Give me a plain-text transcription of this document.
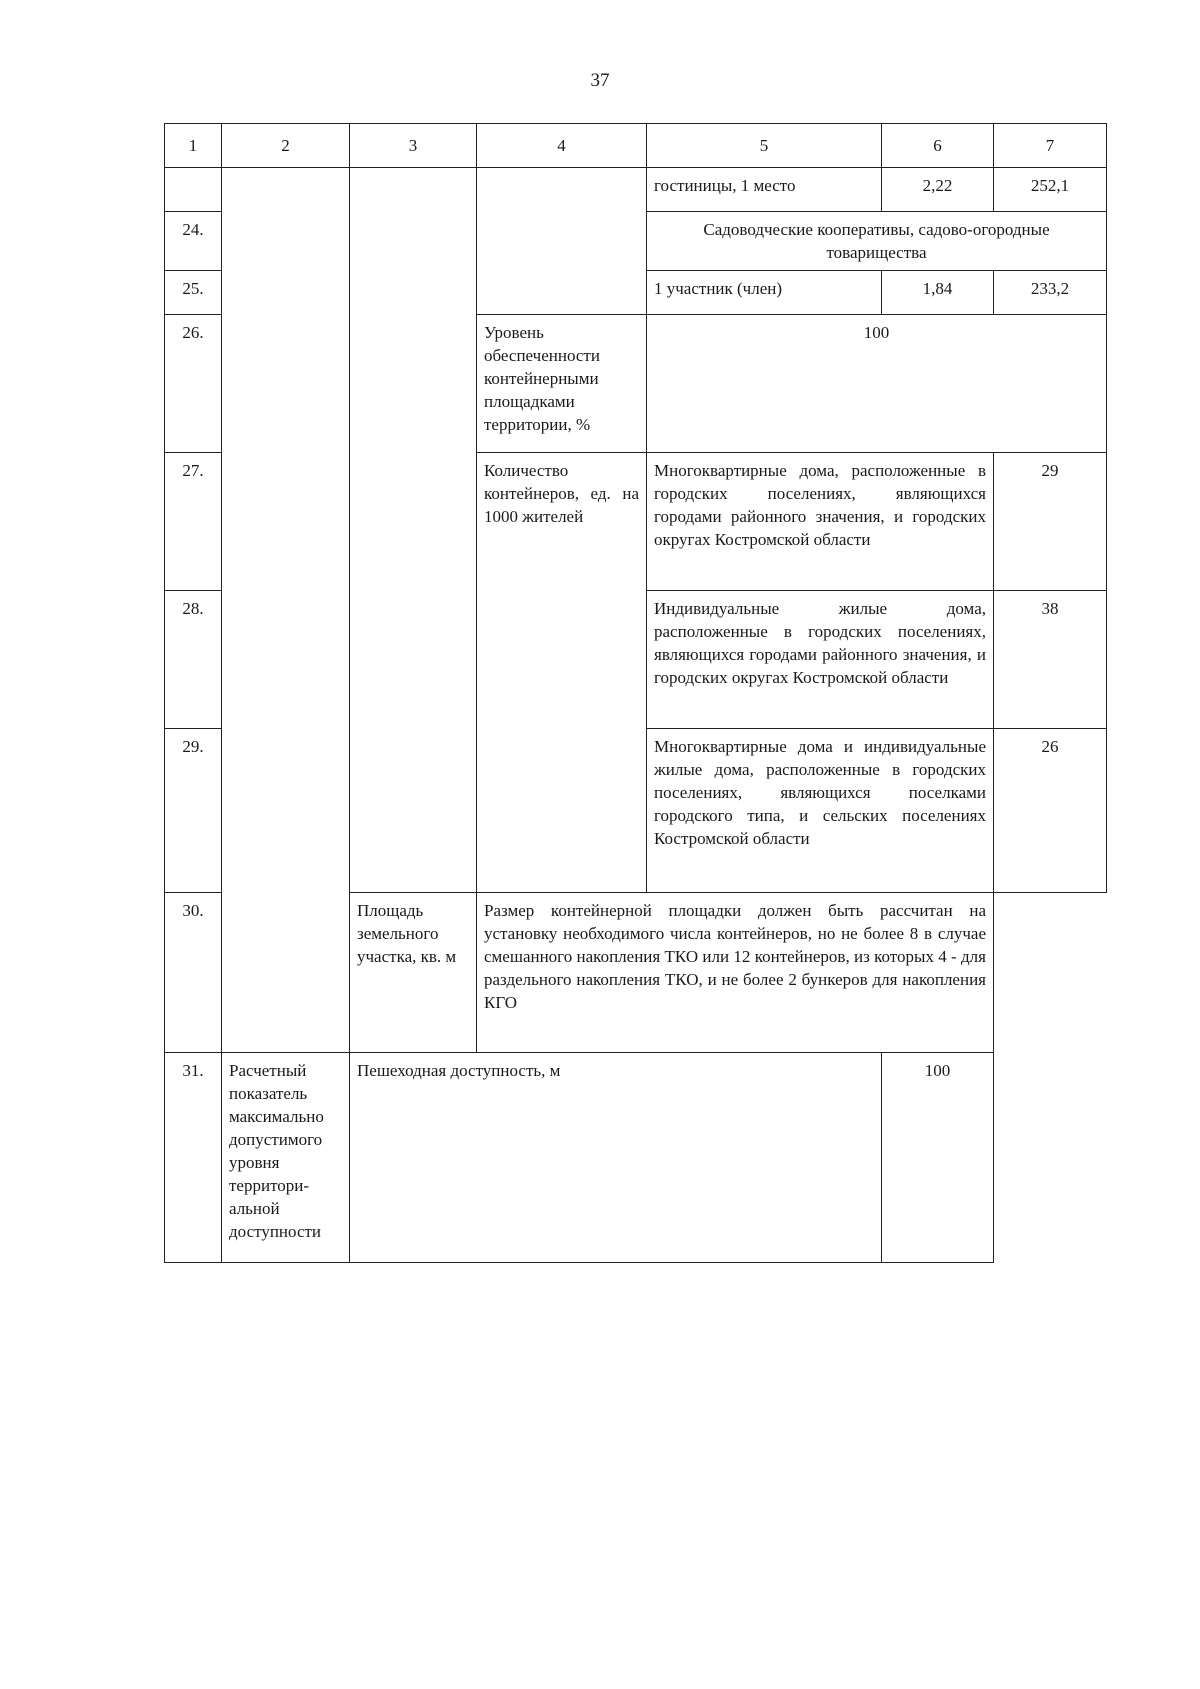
37
1	2	3	4	5	6	7
				гостиницы, 1 место	2,22	252,1
24.				Садоводческие кооперативы, садово-огородные товарищества		
25.				1 участник (член)	1,84	233,2
26.			Уровень обеспеченности контейнерными площадками территории, %	100		
27.			Количество контейнеров, ед. на 1000 жителей	Многоквартирные дома, расположенные в городских поселениях, являющихся городами районного значения, и городских округах Костромской области		29
28.				Индивидуальные жилые дома, расположенные в городских поселениях, являющихся городами районного значения, и городских округах Костромской области		38
29.				Многоквартирные дома и индивидуальные жилые дома, расположенные в городских поселениях, являющихся поселками городского типа, и сельских поселениях Костромской области		26
30.		Площадь земельного участка, кв. м	Размер контейнерной площадки должен быть рассчитан на установку необходимого числа контейнеров, но не более 8 в случае смешанного накопления ТКО или 12 контейнеров, из которых 4 - для раздельного накопления ТКО, и не более 2 бункеров для накопления КГО			
31.	Расчетный показатель максимально допустимого уровня территори-альной доступности	Пешеходная доступность, м			100	
